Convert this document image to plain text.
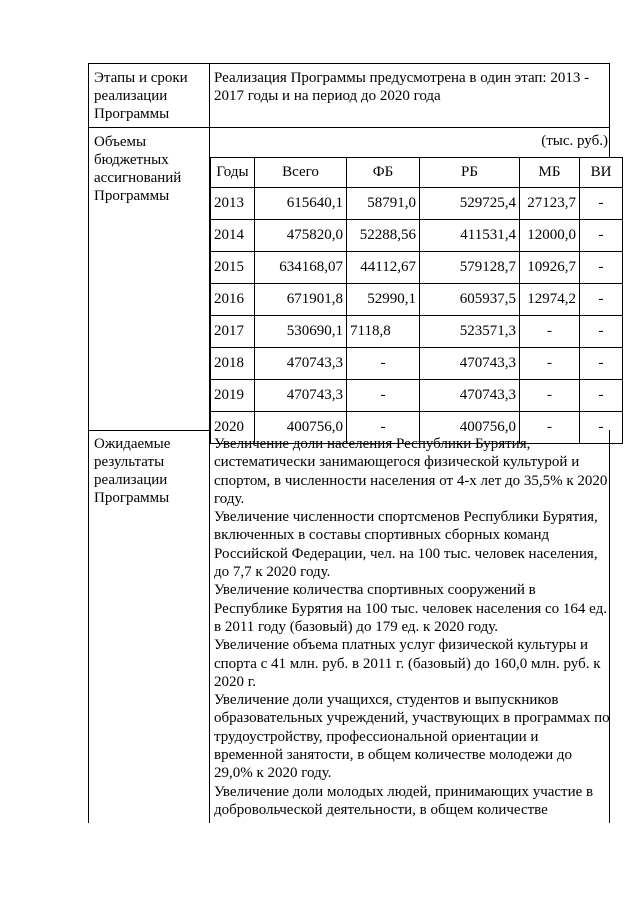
Этапы и сроки реализации Программы
Реализация Программы предусмотрена в один этап: 2013 - 2017 годы и на период до 2020 года
Объемы бюджетных ассигнований Программы
(тыс. руб.)
Годы	Всего	ФБ	РБ	МБ	ВИ
2013	615640,1	58791,0	529725,4	27123,7	-
2014	475820,0	52288,56	411531,4	12000,0	-
2015	634168,07	44112,67	579128,7	10926,7	-
2016	671901,8	52990,1	605937,5	12974,2	-
2017	530690,1	7118,8	523571,3	-	-
2018	470743,3	-	470743,3	-	-
2019	470743,3	-	470743,3	-	-
2020	400756,0	-	400756,0	-	-
Ожидаемые результаты реализации Программы
Увеличение доли населения Республики Бурятия, систематически занимающегося физической культурой и спортом, в численности населения от 4-х лет до 35,5% к 2020 году.
Увеличение численности спортсменов Республики Бурятия, включенных в составы спортивных сборных команд Российской Федерации, чел. на 100 тыс. человек населения, до 7,7 к 2020 году.
Увеличение количества спортивных сооружений в Республике Бурятия на 100 тыс. человек населения со 164 ед. в 2011 году (базовый) до 179 ед. к 2020 году.
Увеличение объема платных услуг физической культуры и спорта с 41 млн. руб. в 2011 г. (базовый) до 160,0 млн. руб. к 2020 г.
Увеличение доли учащихся, студентов и выпускников образовательных учреждений, участвующих в программах по трудоустройству, профессиональной ориентации и временной занятости, в общем количестве молодежи до 29,0% к 2020 году.
Увеличение доли молодых людей, принимающих участие в добровольческой деятельности, в общем количестве
